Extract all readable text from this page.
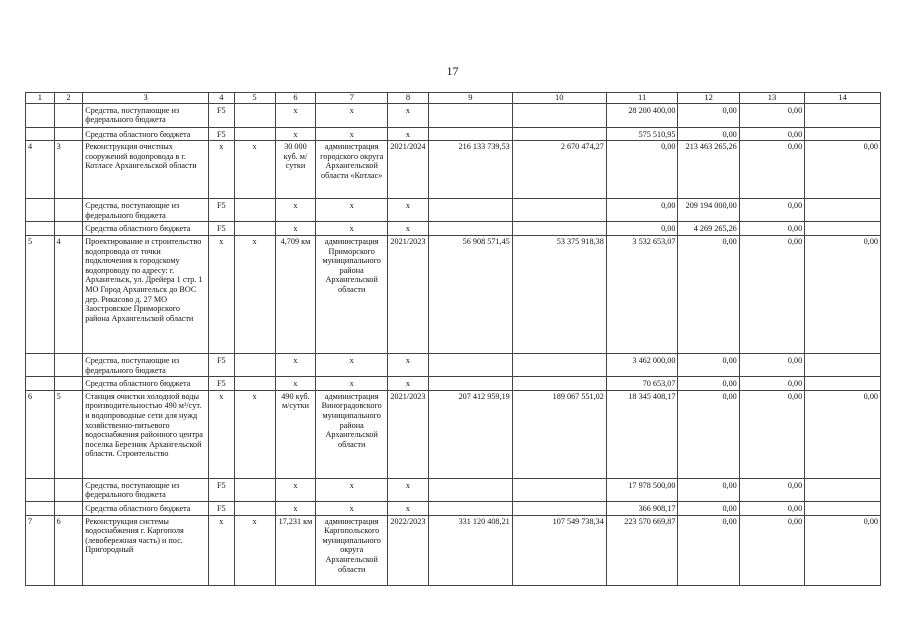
17
1	2	3	4	5	6	7	8	9	10	11	12	13	14
		Средства, поступающие из федерального бюджета	F5		x	x	x			28 200 400,00	0,00	0,00	
		Средства областного бюджета	F5		x	x	x			575 510,95	0,00	0,00	
4	3	Реконструкция очистных сооружений водопровода в г. Котласе Архангельской области	x	x	30 000 куб. м/сутки	администрация городского округа Архангельской области «Котлас»	2021/2024	216 133 739,53	2 670 474,27	0,00	213 463 265,26	0,00	0,00
		Средства, поступающие из федерального бюджета	F5		x	x	x			0,00	209 194 000,00	0,00	
		Средства областного бюджета	F5		x	x	x			0,00	4 269 265,26	0,00	
5	4	Проектирование и строительство водопровода от точки подключения к городскому водопроводу по адресу: г. Архангельск, ул. Дрейера 1 стр. 1 МО Город Архангельск до ВОС дер. Рикасово д. 27 МО Заостровское Приморского района Архангельской области	x	x	4,709 км	администрация Приморского муниципального района Архангельской области	2021/2023	56 908 571,45	53 375 918,38	3 532 653,07	0,00	0,00	0,00
		Средства, поступающие из федерального бюджета	F5		x	x	x			3 462 000,00	0,00	0,00	
		Средства областного бюджета	F5		x	x	x			70 653,07	0,00	0,00	
6	5	Станция очистки холодной воды производительностью 490 м³/сут. и водопроводные сети для нужд хозяйственно-питьевого водоснабжения районного центра поселка Березник Архангельской области. Строительство	x	x	490 куб. м/сутки	администрация Виноградовского муниципального района Архангельской области	2021/2023	207 412 959,19	189 067 551,02	18 345 408,17	0,00	0,00	0,00
		Средства, поступающие из федерального бюджета	F5		x	x	x			17 978 500,00	0,00	0,00	
		Средства областного бюджета	F5		x	x	x			366 908,17	0,00	0,00	
7	6	Реконструкция системы водоснабжения г. Каргополя (левобережная часть) и пос. Пригородный	x	x	17,231 км	администрация Каргопольского муниципального округа Архангельской области	2022/2023	331 120 408,21	107 549 738,34	223 570 669,87	0,00	0,00	0,00
